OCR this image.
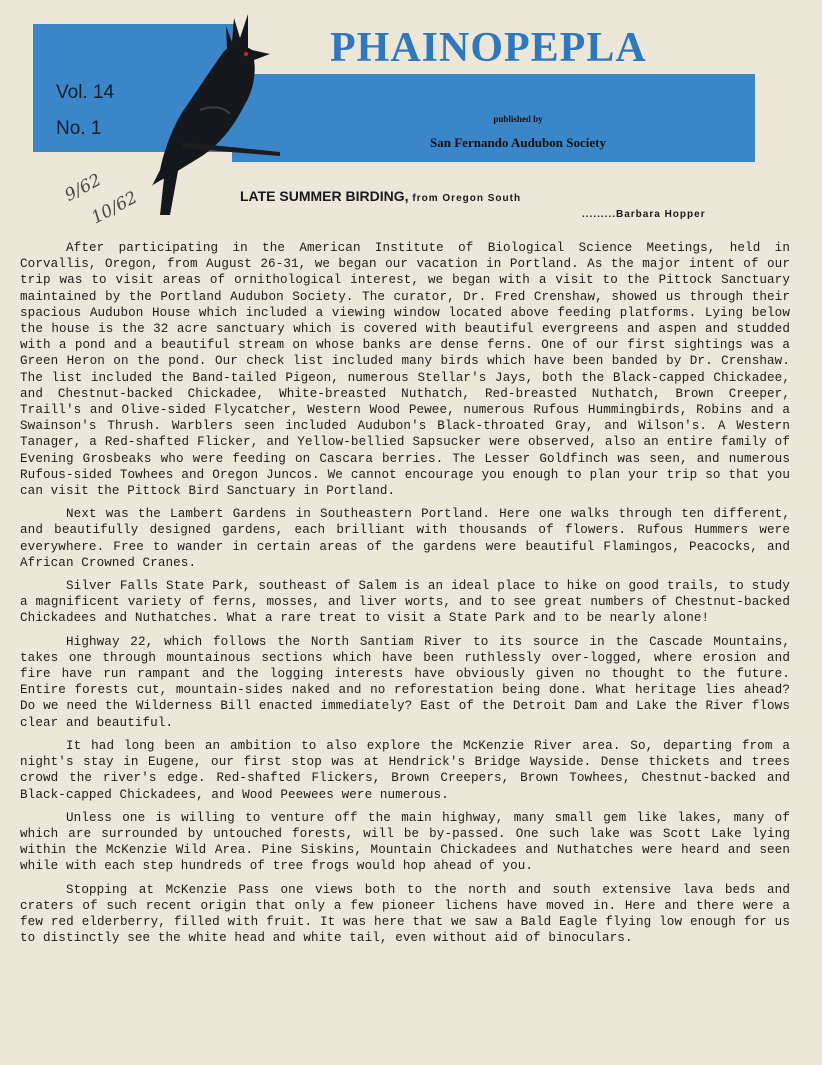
PHAINOPEPLA
Vol. 14
No. 1	published by
San Fernando Audubon Society
9/62
10/62	LATE SUMMER BIRDING, from Oregon South
.........Barbara Hopper

After participating in the American Institute of Biological Science Meetings, held in Corvallis, Oregon, from August 26-31, we began our vacation in Portland. As the major intent of our trip was to visit areas of ornithological interest, we began with a visit to the Pittock Sanctuary maintained by the Portland Audubon Society. The curator, Dr. Fred Crenshaw, showed us through their spacious Audubon House which included a viewing window located above feeding platforms. Lying below the house is the 32 acre sanctuary which is covered with beautiful evergreens and aspen and studded with a pond and a beautiful stream on whose banks are dense ferns. One of our first sightings was a Green Heron on the pond. Our check list included many birds which have been banded by Dr. Crenshaw. The list included the Band-tailed Pigeon, numerous Stellar's Jays, both the Black-capped Chickadee, and Chestnut-backed Chickadee, White-breasted Nuthatch, Red-breasted Nuthatch, Brown Creeper, Traill's and Olive-sided Flycatcher, Western Wood Pewee, numerous Rufous Hummingbirds, Robins and a Swainson's Thrush. Warblers seen included Audubon's Black-throated Gray, and Wilson's. A Western Tanager, a Red-shafted Flicker, and Yellow-bellied Sapsucker were observed, also an entire family of Evening Grosbeaks who were feeding on Cascara berries. The Lesser Goldfinch was seen, and numerous Rufous-sided Towhees and Oregon Juncos. We cannot encourage you enough to plan your trip so that you can visit the Pittock Bird Sanctuary in Portland.

Next was the Lambert Gardens in Southeastern Portland. Here one walks through ten different, and beautifully designed gardens, each brilliant with thousands of flowers. Rufous Hummers were everywhere. Free to wander in certain areas of the gardens were beautiful Flamingos, Peacocks, and African Crowned Cranes.

Silver Falls State Park, southeast of Salem is an ideal place to hike on good trails, to study a magnificent variety of ferns, mosses, and liver worts, and to see great numbers of Chestnut-backed Chickadees and Nuthatches. What a rare treat to visit a State Park and to be nearly alone!

Highway 22, which follows the North Santiam River to its source in the Cascade Mountains, takes one through mountainous sections which have been ruthlessly over-logged, where erosion and fire have run rampant and the logging interests have obviously given no thought to the future. Entire forests cut, mountain-sides naked and no reforestation being done. What heritage lies ahead? Do we need the Wilderness Bill enacted immediately? East of the Detroit Dam and Lake the River flows clear and beautiful.

It had long been an ambition to also explore the McKenzie River area. So, departing from a night's stay in Eugene, our first stop was at Hendrick's Bridge Wayside. Dense thickets and trees crowd the river's edge. Red-shafted Flickers, Brown Creepers, Brown Towhees, Chestnut-backed and Black-capped Chickadees, and Wood Peewees were numerous.

Unless one is willing to venture off the main highway, many small gem like lakes, many of which are surrounded by untouched forests, will be by-passed. One such lake was Scott Lake lying within the McKenzie Wild Area. Pine Siskins, Mountain Chickadees and Nuthatches were heard and seen while with each step hundreds of tree frogs would hop ahead of you.

Stopping at McKenzie Pass one views both to the north and south extensive lava beds and craters of such recent origin that only a few pioneer lichens have moved in. Here and there were a few red elderberry, filled with fruit. It was here that we saw a Bald Eagle flying low enough for us to distinctly see the white head and white tail, even without aid of binoculars.
